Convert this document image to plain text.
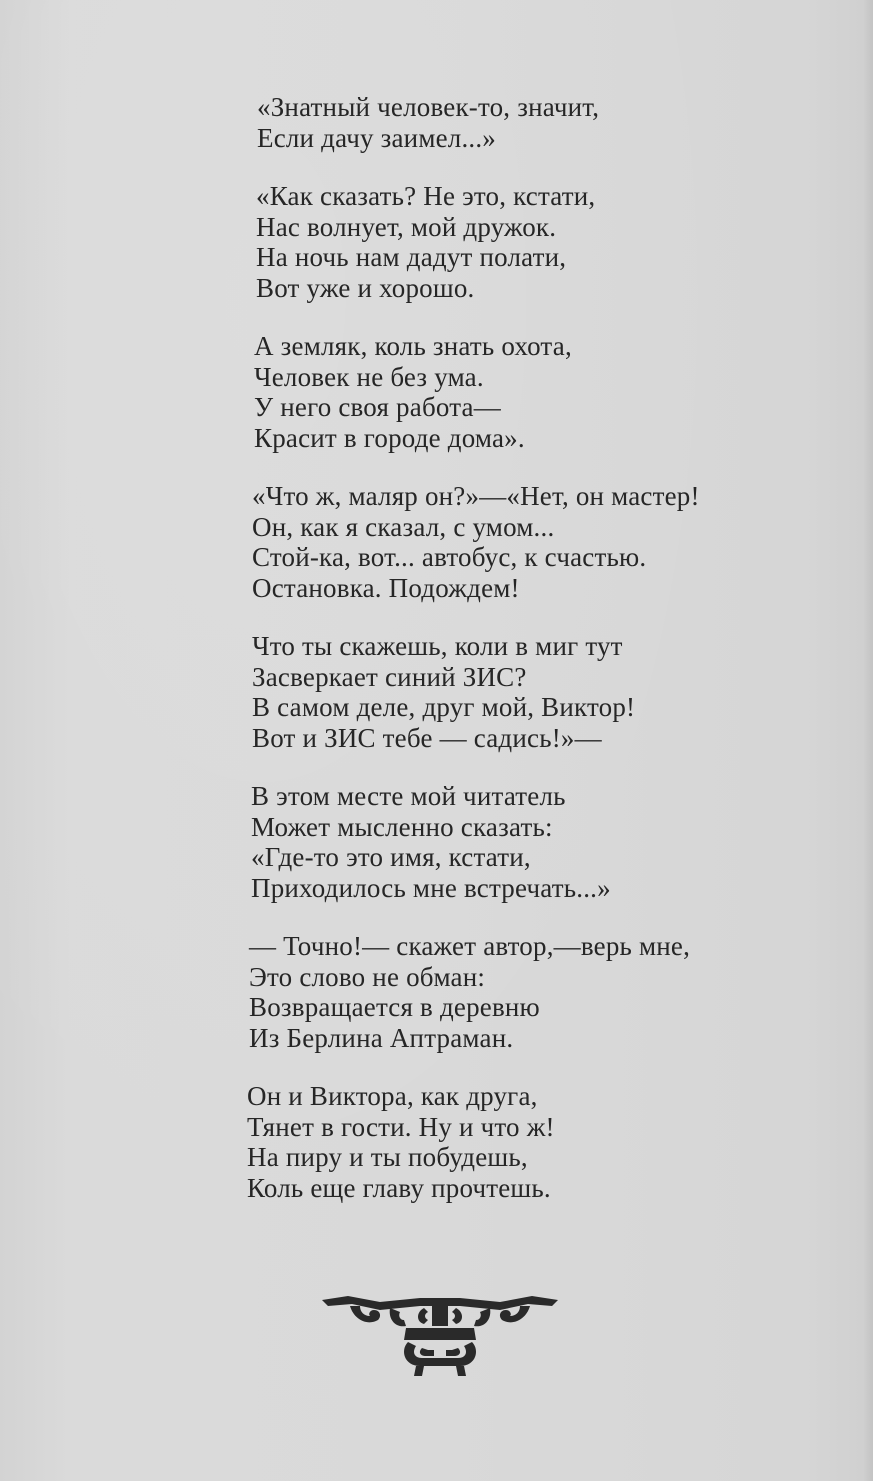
«Знатный человек-то, значит,
Если дачу заимел...»
«Как сказать? Не это, кстати,
Нас волнует, мой дружок.
На ночь нам дадут полати,
Вот уже и хорошо.
А земляк, коль знать охота,
Человек не без ума.
У него своя работа—
Красит в городе дома».
«Что ж, маляр он?»—«Нет, он мастер!
Он, как я сказал, с умом...
Стой-ка, вот... автобус, к счастью.
Остановка. Подождем!
Что ты скажешь, коли в миг тут
Засверкает синий ЗИС?
В самом деле, друг мой, Виктор!
Вот и ЗИС тебе — садись!»—
В этом месте мой читатель
Может мысленно сказать:
«Где-то это имя, кстати,
Приходилось мне встречать...»
— Точно!— скажет автор,—верь мне,
Это слово не обман:
Возвращается в деревню
Из Берлина Аптраман.
Он и Виктора, как друга,
Тянет в гости. Ну и что ж!
На пиру и ты побудешь,
Коль еще главу прочтешь.
